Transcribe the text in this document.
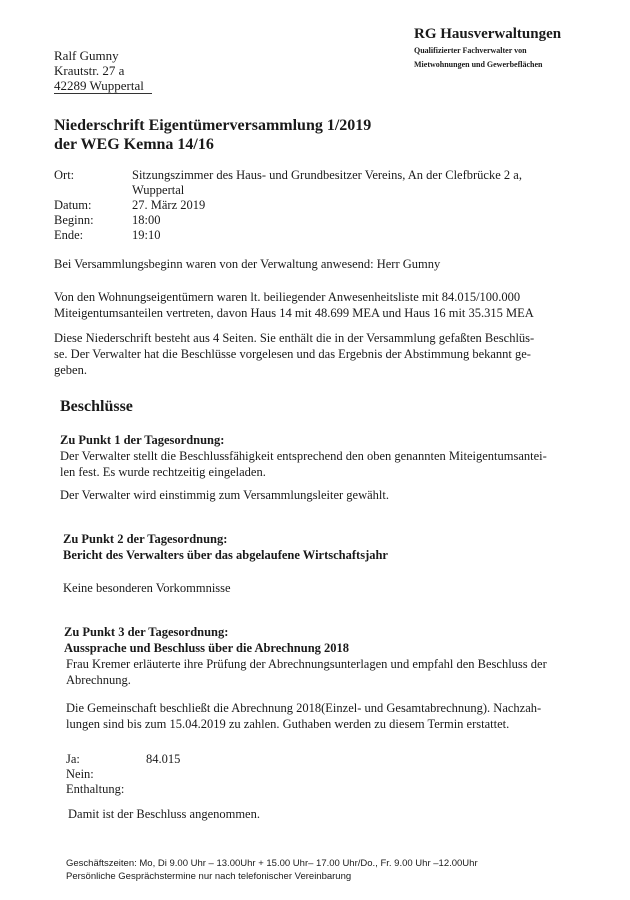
Ralf Gumny
Krautstr. 27 a
42289 Wuppertal
RG Hausverwaltungen
Qualifizierter Fachverwalter von
Mietwohnungen und Gewerbeflächen
Niederschrift Eigentümerversammlung 1/2019
der WEG Kemna 14/16
Ort:	Sitzungszimmer des Haus- und Grundbesitzer Vereins, An der Clefbrücke 2 a,
Wuppertal
Datum:	27. März 2019
Beginn:	18:00
Ende:	19:10
Bei Versammlungsbeginn waren von der Verwaltung anwesend: Herr Gumny
Von den Wohnungseigentümern waren lt. beiliegender Anwesenheitsliste mit 84.015/100.000
Miteigentumsanteilen vertreten, davon Haus 14 mit 48.699 MEA und Haus 16 mit 35.315 MEA
Diese Niederschrift besteht aus 4 Seiten. Sie enthält die in der Versammlung gefaßten Beschlüs-
se. Der Verwalter hat die Beschlüsse vorgelesen und das Ergebnis der Abstimmung bekannt ge-
geben.
Beschlüsse
Zu Punkt 1 der Tagesordnung:
Der Verwalter stellt die Beschlussfähigkeit entsprechend den oben genannten Miteigentumsantei-
len fest. Es wurde rechtzeitig eingeladen.
Der Verwalter wird einstimmig zum Versammlungsleiter gewählt.
Zu Punkt 2 der Tagesordnung:
Bericht des Verwalters über das abgelaufene Wirtschaftsjahr
Keine besonderen Vorkommnisse
Zu Punkt 3 der Tagesordnung:
Aussprache und Beschluss über die Abrechnung 2018
Frau Kremer erläuterte ihre Prüfung der Abrechnungsunterlagen und empfahl den Beschluss der
Abrechnung.
Die Gemeinschaft beschließt die Abrechnung 2018(Einzel- und Gesamtabrechnung). Nachzah-
lungen sind bis zum 15.04.2019 zu zahlen. Guthaben werden zu diesem Termin erstattet.
Ja:	84.015
Nein:
Enthaltung:
Damit ist der Beschluss angenommen.
Geschäftszeiten: Mo, Di 9.00 Uhr – 13.00Uhr + 15.00 Uhr– 17.00 Uhr/Do., Fr. 9.00 Uhr –12.00Uhr
Persönliche Gesprächstermine nur nach telefonischer Vereinbarung
